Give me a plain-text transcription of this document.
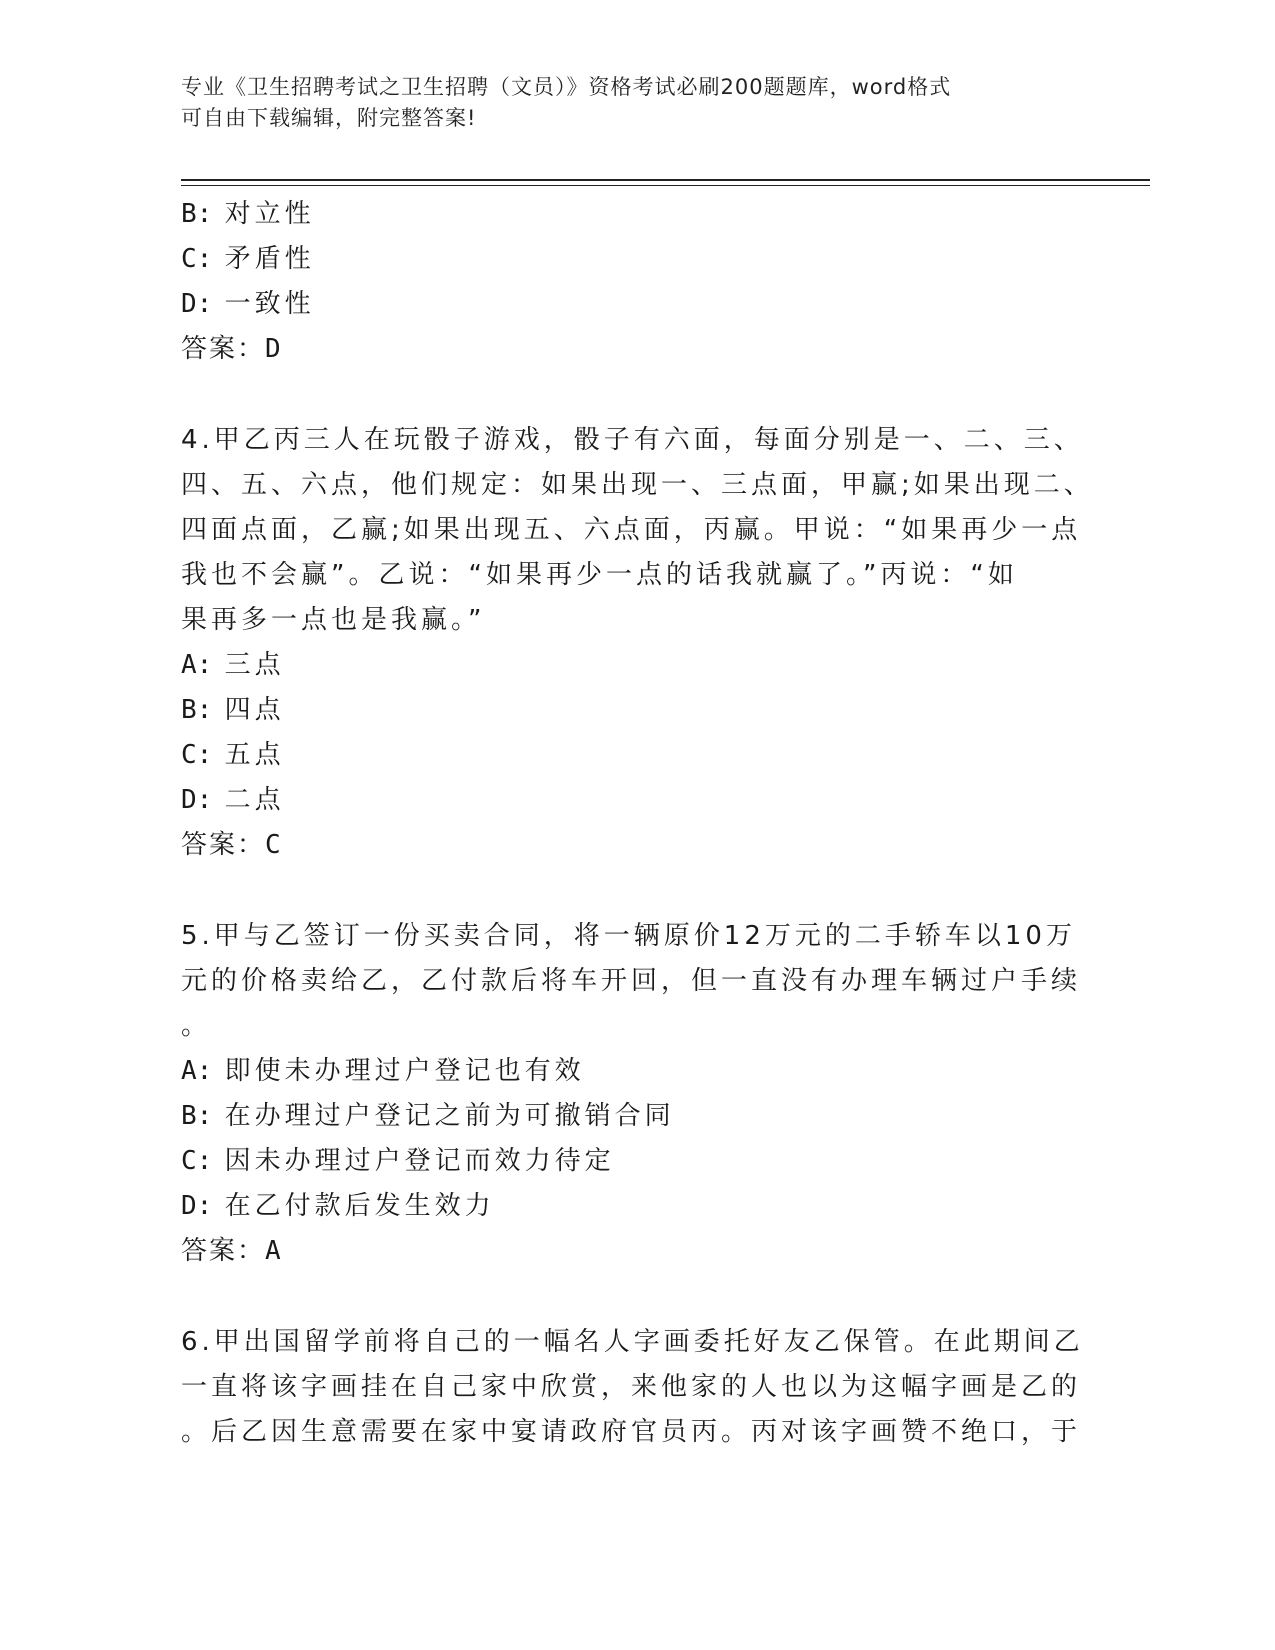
专业《卫生招聘考试之卫生招聘（文员）》资格考试必刷200题题库，word格式
可自由下载编辑，附完整答案!
B: 对立性
C: 矛盾性
D: 一致性
答案：D
4.甲乙丙三人在玩骰子游戏，骰子有六面，每面分别是一、二、三、
四、五、六点，他们规定：如果出现一、三点面，甲赢;如果出现二、
四面点面，乙赢;如果出现五、六点面，丙赢。甲说：“如果再少一点
我也不会赢”。乙说：“如果再少一点的话我就赢了。”丙说：“如
果再多一点也是我赢。”
A: 三点
B: 四点
C: 五点
D: 二点
答案：C
5.甲与乙签订一份买卖合同，将一辆原价12万元的二手轿车以10万
元的价格卖给乙，乙付款后将车开回，但一直没有办理车辆过户手续
。
A: 即使未办理过户登记也有效
B: 在办理过户登记之前为可撤销合同
C: 因未办理过户登记而效力待定
D: 在乙付款后发生效力
答案：A
6.甲出国留学前将自己的一幅名人字画委托好友乙保管。在此期间乙
一直将该字画挂在自己家中欣赏，来他家的人也以为这幅字画是乙的
。后乙因生意需要在家中宴请政府官员丙。丙对该字画赞不绝口，于
